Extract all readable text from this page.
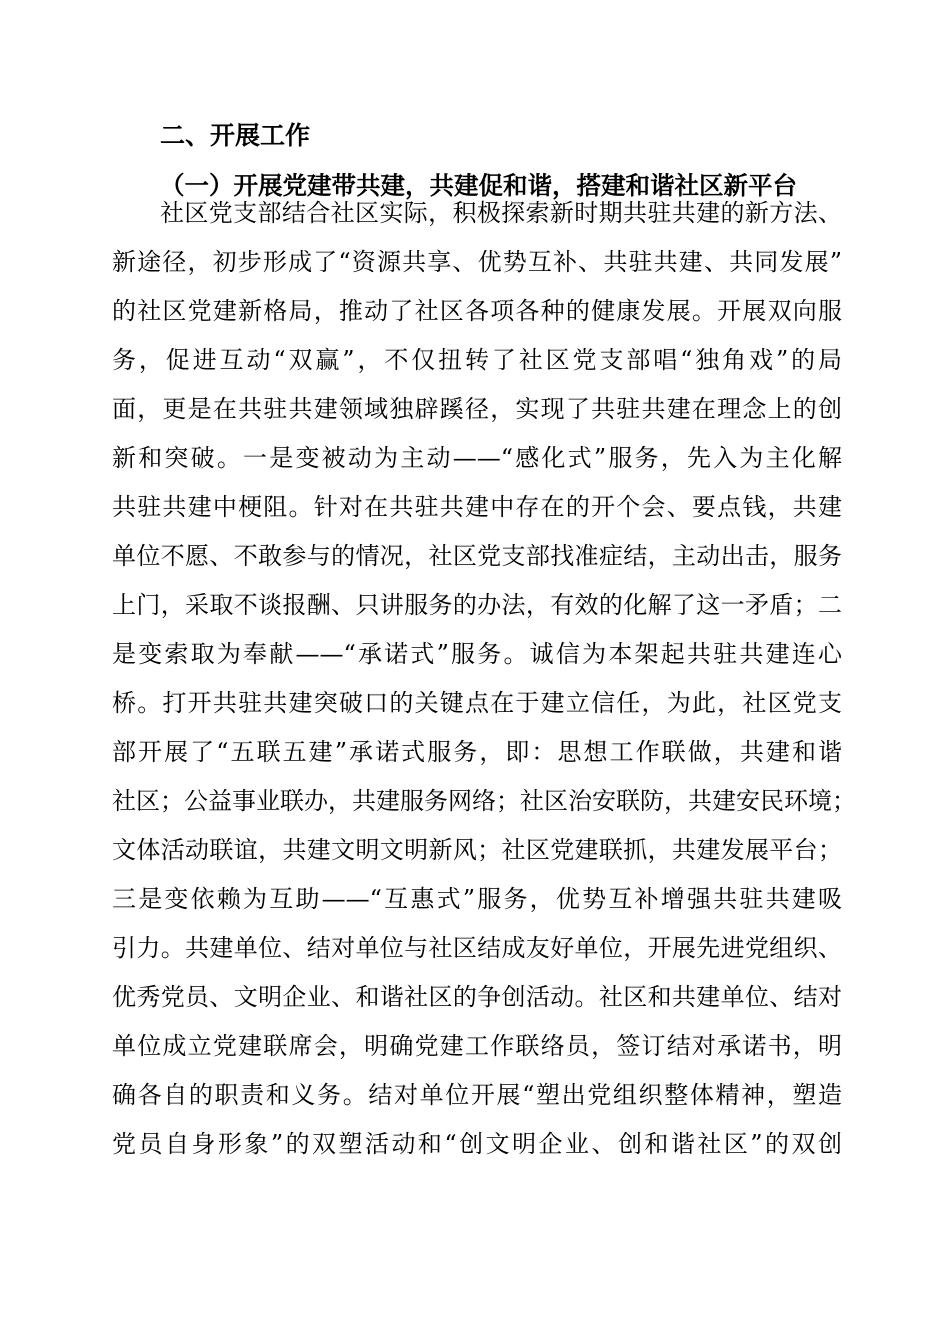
二、开展工作
（一）开展党建带共建，共建促和谐，搭建和谐社区新平台

社区党支部结合社区实际，积极探索新时期共驻共建的新方法、
新途径，初步形成了“资源共享、优势互补、共驻共建、共同发展”
的社区党建新格局，推动了社区各项各种的健康发展。开展双向服
务，促进互动“双赢”，不仅扭转了社区党支部唱“独角戏”的局
面，更是在共驻共建领域独辟蹊径，实现了共驻共建在理念上的创
新和突破。一是变被动为主动——“感化式”服务，先入为主化解
共驻共建中梗阻。针对在共驻共建中存在的开个会、要点钱，共建
单位不愿、不敢参与的情况，社区党支部找准症结，主动出击，服务
上门，采取不谈报酬、只讲服务的办法，有效的化解了这一矛盾；二
是变索取为奉献——“承诺式”服务。诚信为本架起共驻共建连心
桥。打开共驻共建突破口的关键点在于建立信任，为此，社区党支
部开展了“五联五建”承诺式服务，即：思想工作联做，共建和谐
社区；公益事业联办，共建服务网络；社区治安联防，共建安民环境；
文体活动联谊，共建文明文明新风；社区党建联抓，共建发展平台；
三是变依赖为互助——“互惠式”服务，优势互补增强共驻共建吸
引力。共建单位、结对单位与社区结成友好单位，开展先进党组织、
优秀党员、文明企业、和谐社区的争创活动。社区和共建单位、结对
单位成立党建联席会，明确党建工作联络员，签订结对承诺书，明
确各自的职责和义务。结对单位开展“塑出党组织整体精神，塑造
党员自身形象”的双塑活动和“创文明企业、创和谐社区”的双创
